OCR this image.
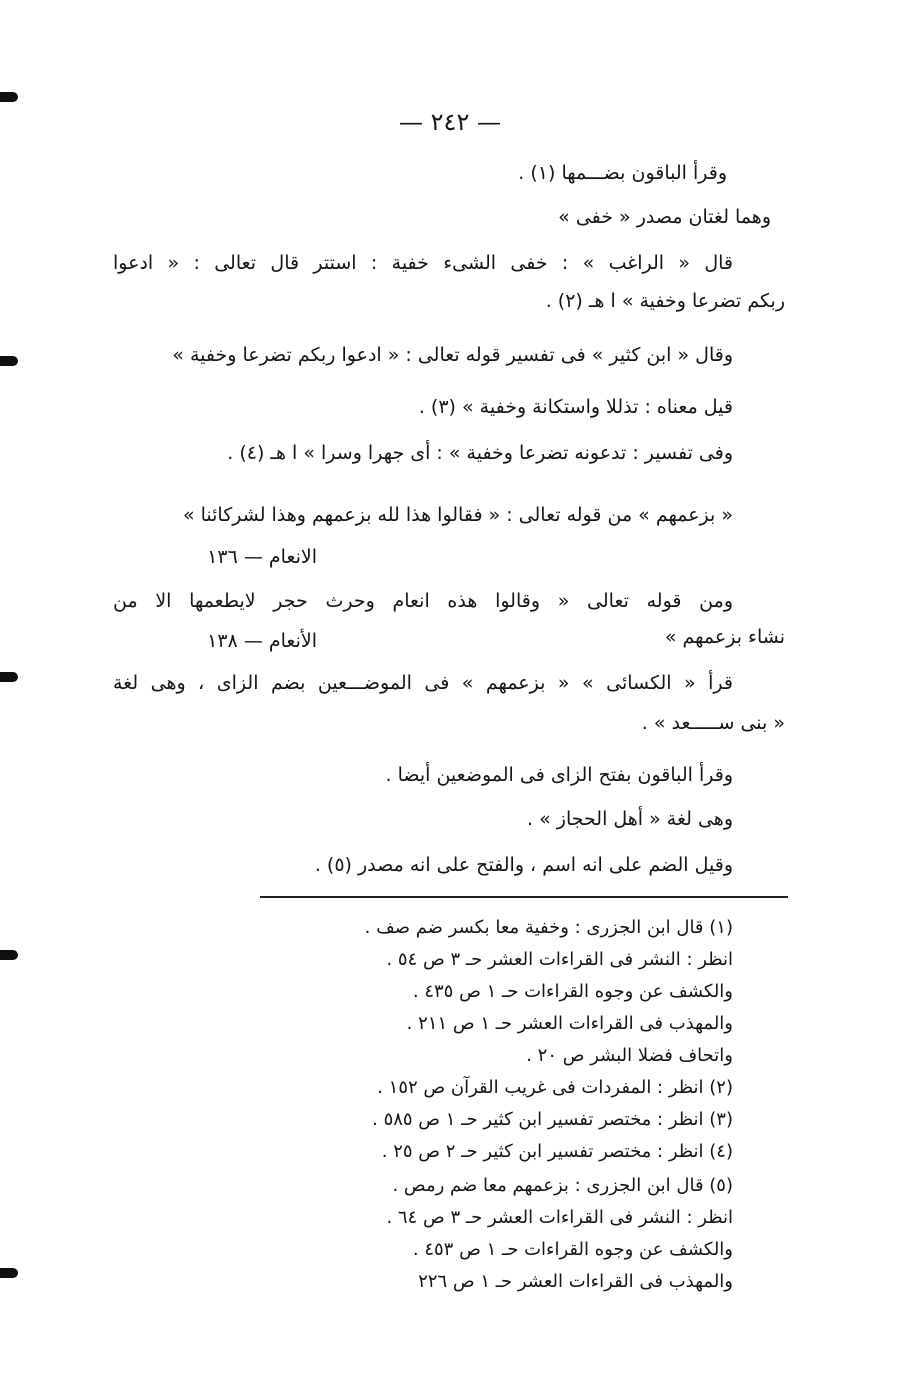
— ٢٤٢ —
وقرأ الباقون بضـــمها (١) .
وهما لغتان مصدر « خفى »
قال « الراغب » : خفى الشىء خفية : استتر قال تعالى : « ادعوا
ربكم تضرعا وخفية » ا هـ (٢) .
وقال « ابن كثير » فى تفسير قوله تعالى : « ادعوا ربكم تضرعا وخفية »
قيل معناه : تذللا واستكانة وخفية » (٣) .
وفى تفسير : تدعونه تضرعا وخفية » : أى جهرا وسرا » ا هـ (٤) .
« بزعمهم » من قوله تعالى : « فقالوا هذا لله بزعمهم وهذا لشركائنا »
الانعام — ١٣٦
ومن قوله تعالى « وقالوا هذه انعام وحرث حجر لايطعمها الا من
نشاء بزعمهم »
الأنعام — ١٣٨
قرأ « الكسائى » « بزعمهم » فى الموضـــعين بضم الزاى ، وهى لغة
« بنى ســـــعد » .
وقرأ الباقون بفتح الزاى فى الموضعين أيضا .
وهى لغة « أهل الحجاز » .
وقيل الضم على انه اسم ، والفتح على انه مصدر (٥) .
(١) قال ابن الجزرى : وخفية معا بكسر ضم صف .
انظر : النشر فى القراءات العشر حـ ٣ ص ٥٤ .
والكشف عن وجوه القراءات حـ ١ ص ٤٣٥ .
والمهذب فى القراءات العشر حـ ١ ص ٢١١ .
واتحاف فضلا البشر ص ٢٠ .
(٢) انظر : المفردات فى غريب القرآن ص ١٥٢ .
(٣) انظر : مختصر تفسير ابن كثير حـ ١ ص ٥٨٥ .
(٤) انظر : مختصر تفسير ابن كثير حـ ٢ ص ٢٥ .
(٥) قال ابن الجزرى : بزعمهم معا ضم رمص .
انظر : النشر فى القراءات العشر حـ ٣ ص ٦٤ .
والكشف عن وجوه القراءات حـ ١ ص ٤٥٣ .
والمهذب فى القراءات العشر حـ ١ ص ٢٢٦
